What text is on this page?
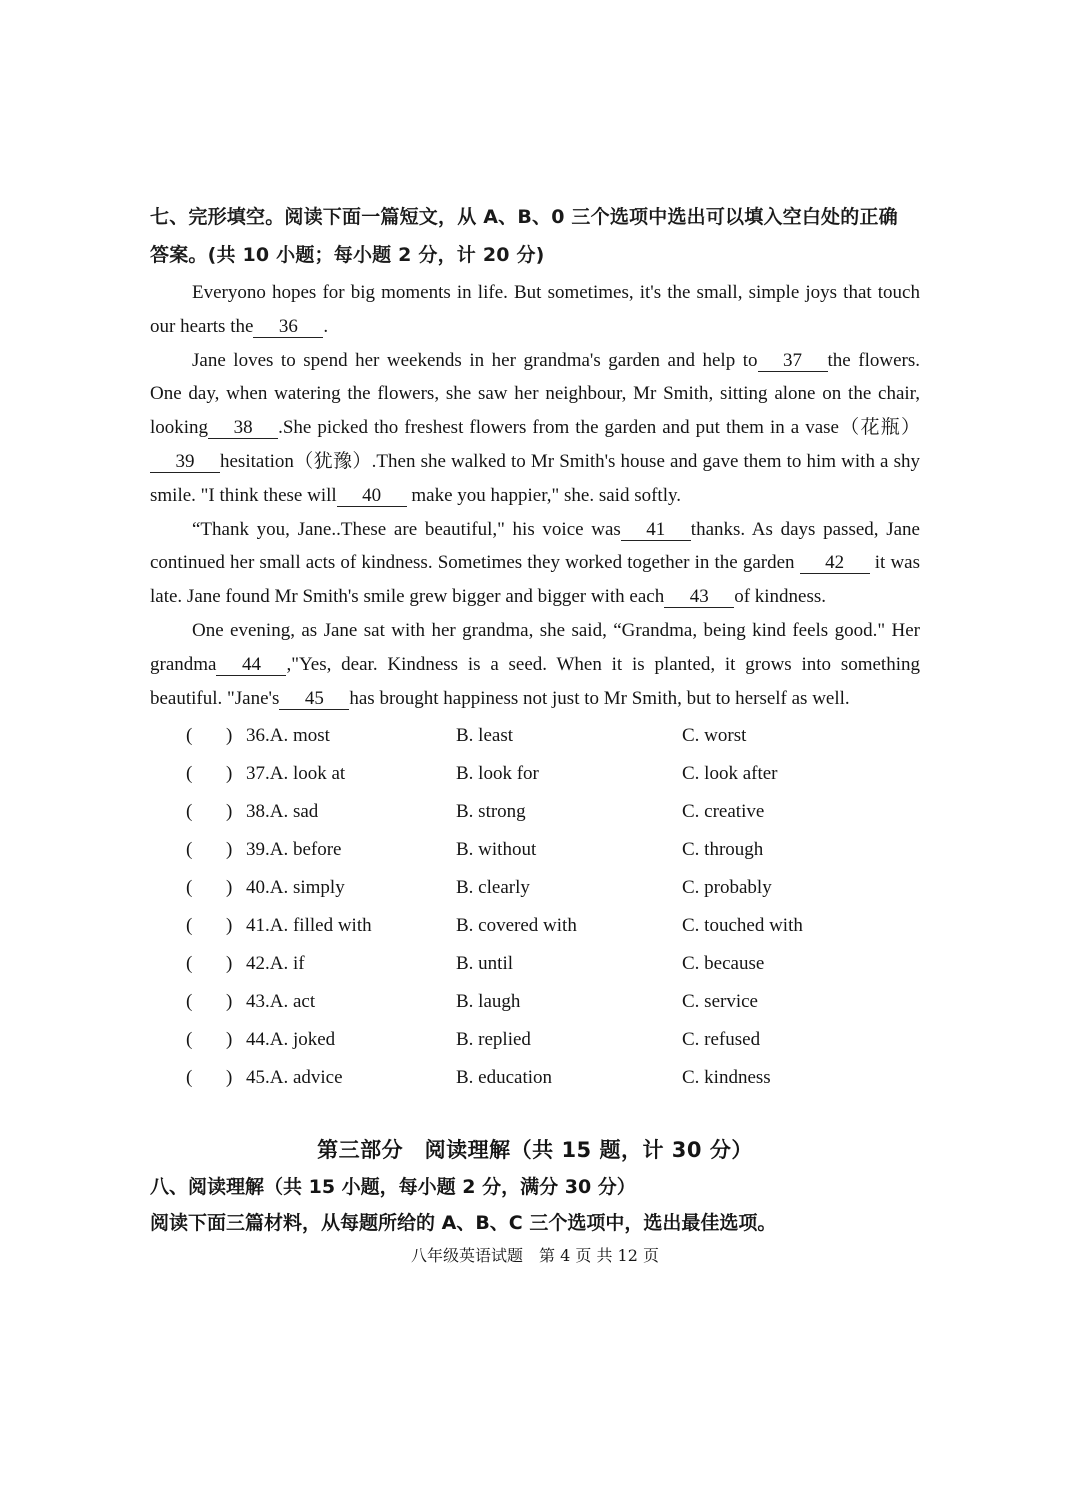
七、完形填空。阅读下面一篇短文，从 A、B、0 三个选项中选出可以填入空白处的正确
答案。(共 10 小题；每小题 2 分，计 20 分)

Everyono hopes for big moments in life. But sometimes, it's the small, simple joys that touch our hearts the 36 .

Jane loves to spend her weekends in her grandma's garden and help to 37 the flowers. One day, when watering the flowers, she saw her neighbour, Mr Smith, sitting alone on the chair, looking 38 .She picked tho freshest flowers from the garden and put them in a vase（花瓶）39 hesitation（犹豫）.Then she walked to Mr Smith's house and gave them to him with a shy smile. "I think these will 40 make you happier," she. said softly.

“Thank you, Jane..These are beautiful," his voice was 41 thanks. As days passed, Jane continued her small acts of kindness. Sometimes they worked together in the garden 42 it was late. Jane found Mr Smith's smile grew bigger and bigger with each 43 of kindness.

One evening, as Jane sat with her grandma, she said, “Grandma, being kind feels good." Her grandma 44 ,"Yes, dear. Kindness is a seed. When it is planted, it grows into something beautiful. "Jane's 45 has brought happiness not just to Mr Smith, but to herself as well.

(	) 36.A. most	B. least	C. worst
(	) 37.A. look at	B. look for	C. look after
(	) 38.A. sad	B. strong	C. creative
(	) 39.A. before	B. without	C. through
(	) 40.A. simply	B. clearly	C. probably
(	) 41.A. filled with	B. covered with	C. touched with
(	) 42.A. if	B. until	C. because
(	) 43.A. act	B. laugh	C. service
(	) 44.A. joked	B. replied	C. refused
(	) 45.A. advice	B. education	C. kindness
第三部分　阅读理解（共 15 题，计 30 分）
八、阅读理解（共 15 小题，每小题 2 分，满分 30 分）
阅读下面三篇材料，从每题所给的 A、B、C 三个选项中，选出最佳选项。
八年级英语试题　第 4 页 共 12 页
